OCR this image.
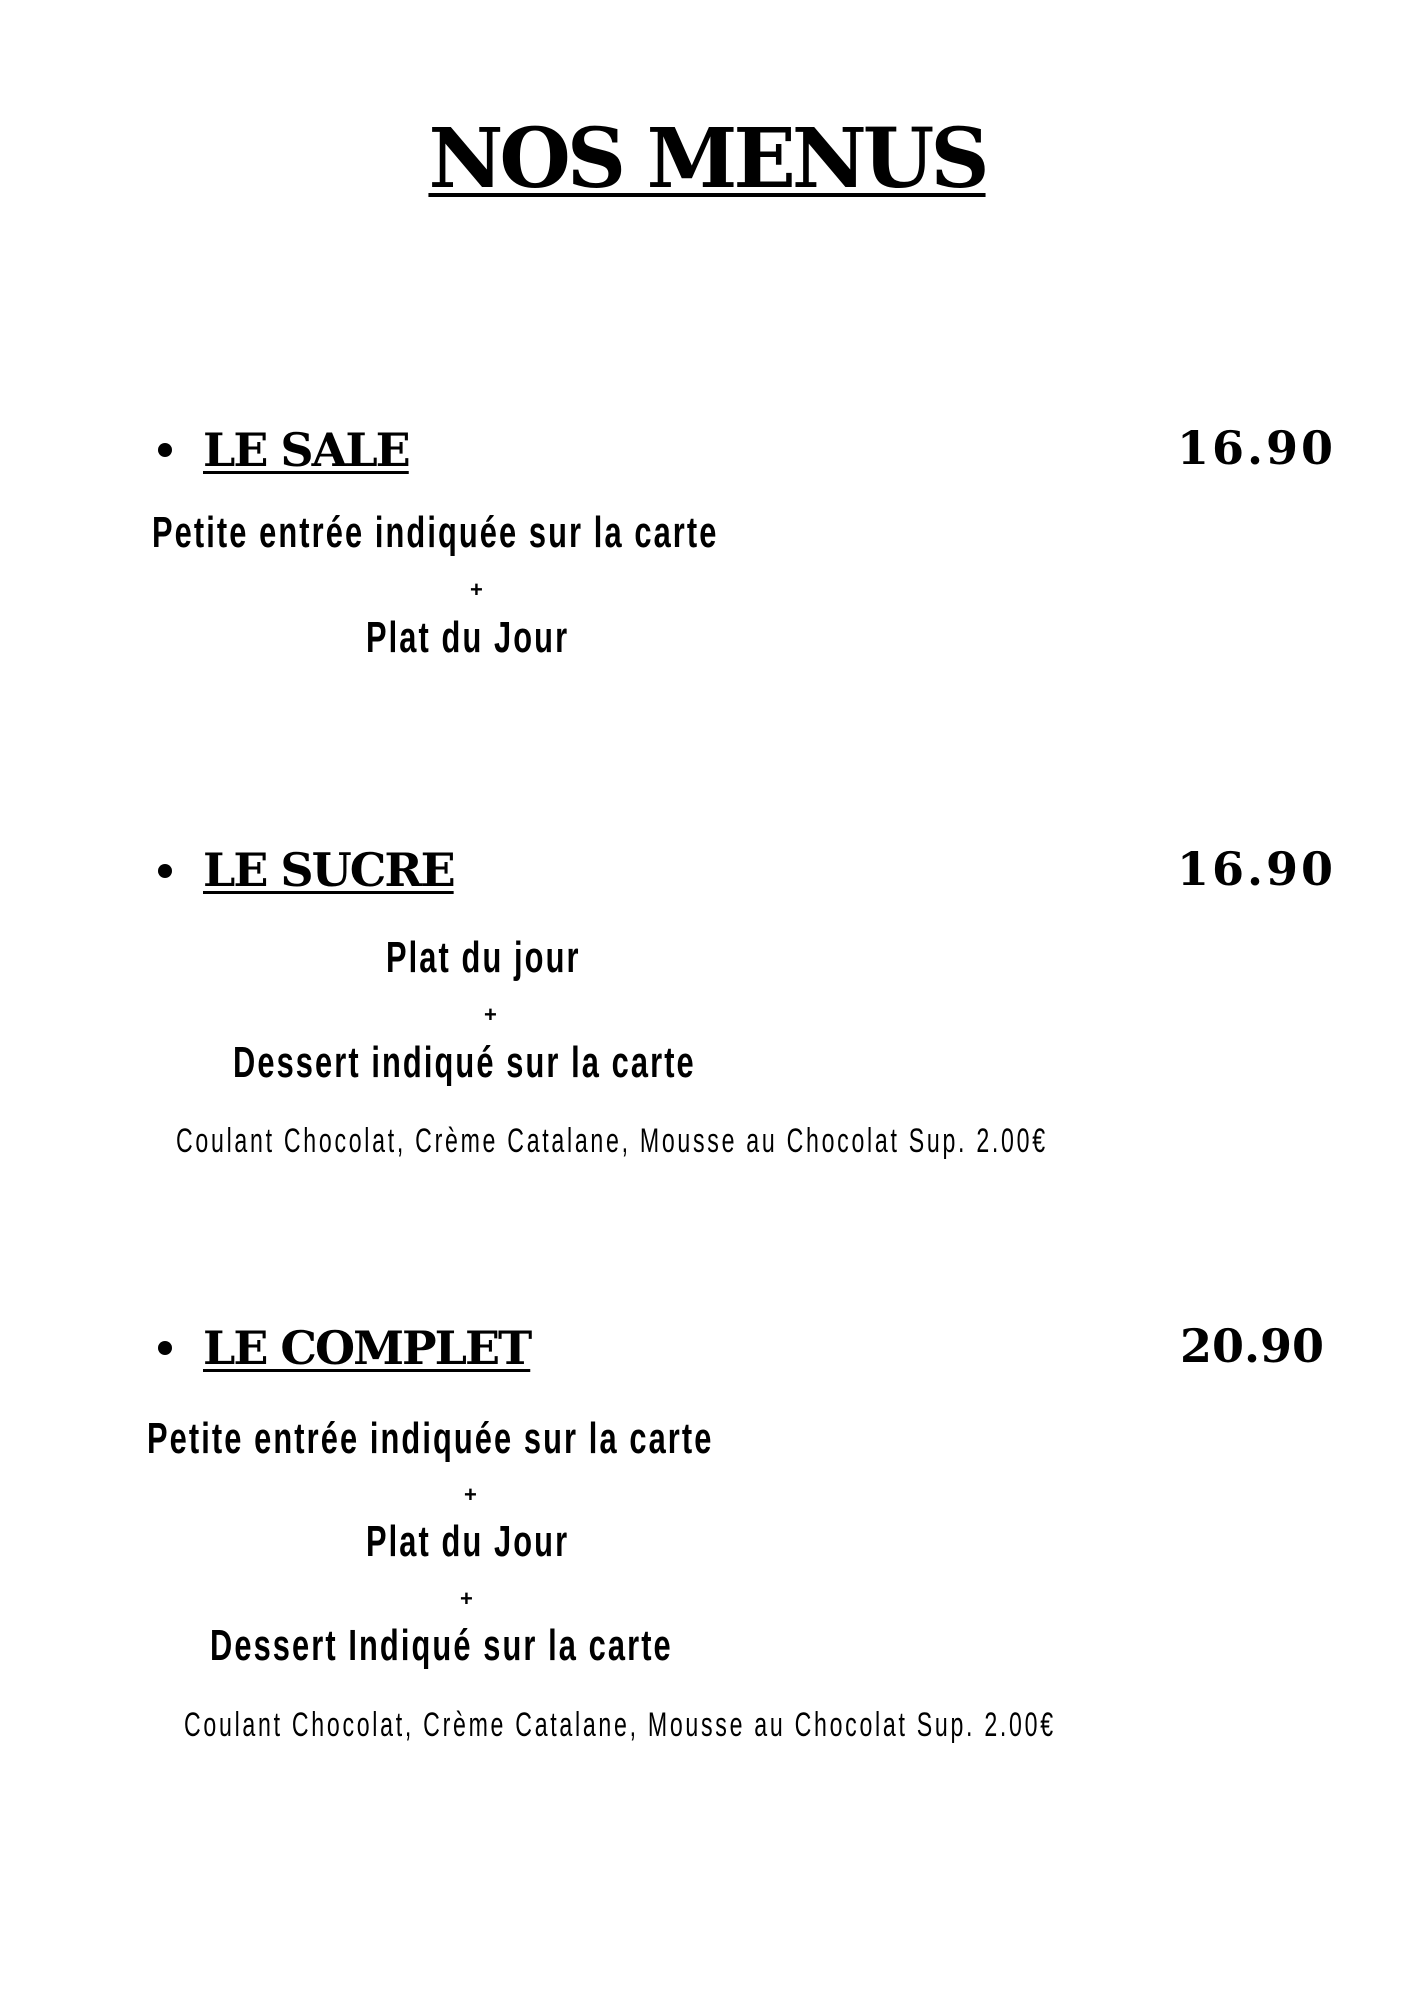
NOS MENUS
LE SALE	16.90
Petite entrée indiquée sur la carte
+
Plat du Jour
LE SUCRE	16.90
Plat du jour
+
Dessert indiqué sur la carte
Coulant Chocolat, Crème Catalane, Mousse au Chocolat Sup. 2.00€
LE COMPLET	20.90
Petite entrée indiquée sur la carte
+
Plat du Jour
+
Dessert Indiqué sur la carte
Coulant Chocolat, Crème Catalane, Mousse au Chocolat Sup. 2.00€
